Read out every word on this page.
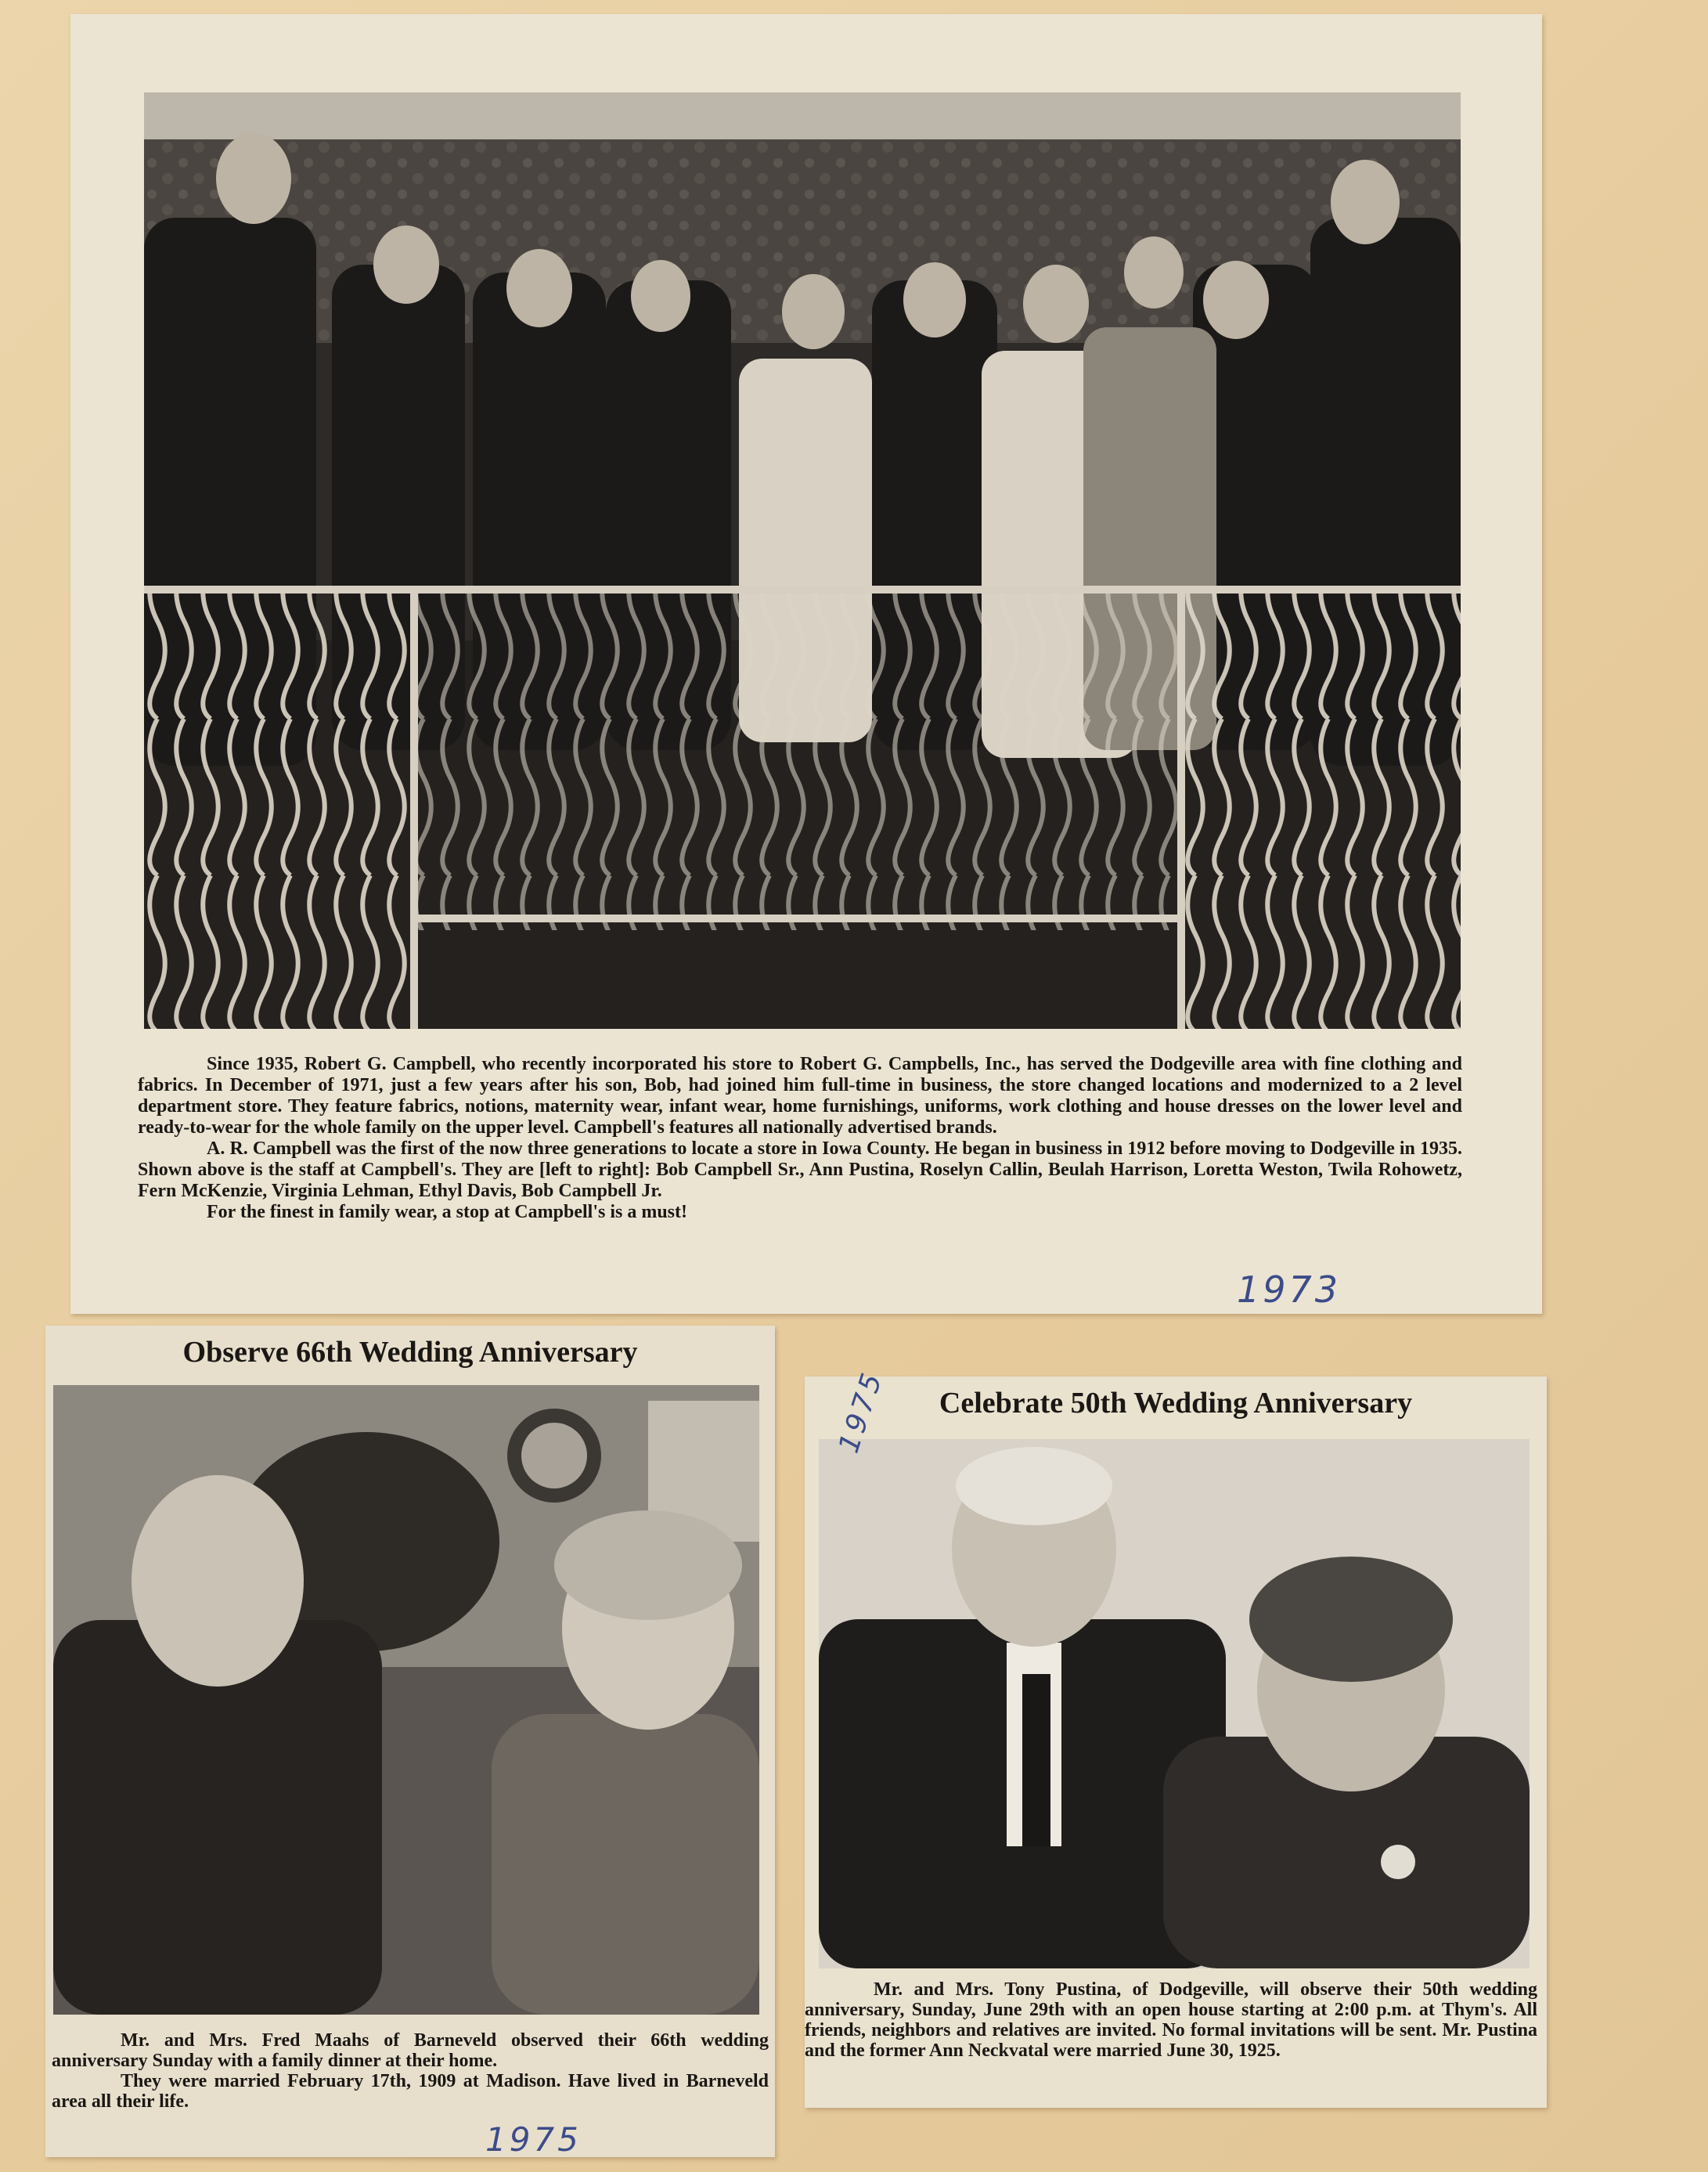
Since 1935, Robert G. Campbell, who recently incorporated his store to Robert G. Campbells, Inc., has served the Dodgeville area with fine clothing and fabrics. In December of 1971, just a few years after his son, Bob, had joined him full-time in business, the store changed locations and modernized to a 2 level department store. They feature fabrics, notions, maternity wear, infant wear, home furnishings, uniforms, work clothing and house dresses on the lower level and ready-to-wear for the whole family on the upper level. Campbell's features all nationally advertised brands.

A. R. Campbell was the first of the now three generations to locate a store in Iowa County. He began in business in 1912 before moving to Dodgeville in 1935. Shown above is the staff at Campbell's. They are [left to right]: Bob Campbell Sr., Ann Pustina, Roselyn Callin, Beulah Harrison, Loretta Weston, Twila Rohowetz, Fern McKenzie, Virginia Lehman, Ethyl Davis, Bob Campbell Jr.

For the finest in family wear, a stop at Campbell's is a must!

1973
Observe 66th Wedding Anniversary

Mr. and Mrs. Fred Maahs of Barneveld observed their 66th wedding anniversary Sunday with a family dinner at their home.

They were married February 17th, 1909 at Madison. Have lived in Barneveld area all their life.

1975
Celebrate 50th Wedding Anniversary

Mr. and Mrs. Tony Pustina, of Dodgeville, will observe their 50th wedding anniversary, Sunday, June 29th with an open house starting at 2:00 p.m. at Thym's. All friends, neighbors and relatives are invited. No formal invitations will be sent. Mr. Pustina and the former Ann Neckvatal were married June 30, 1925.

1975
